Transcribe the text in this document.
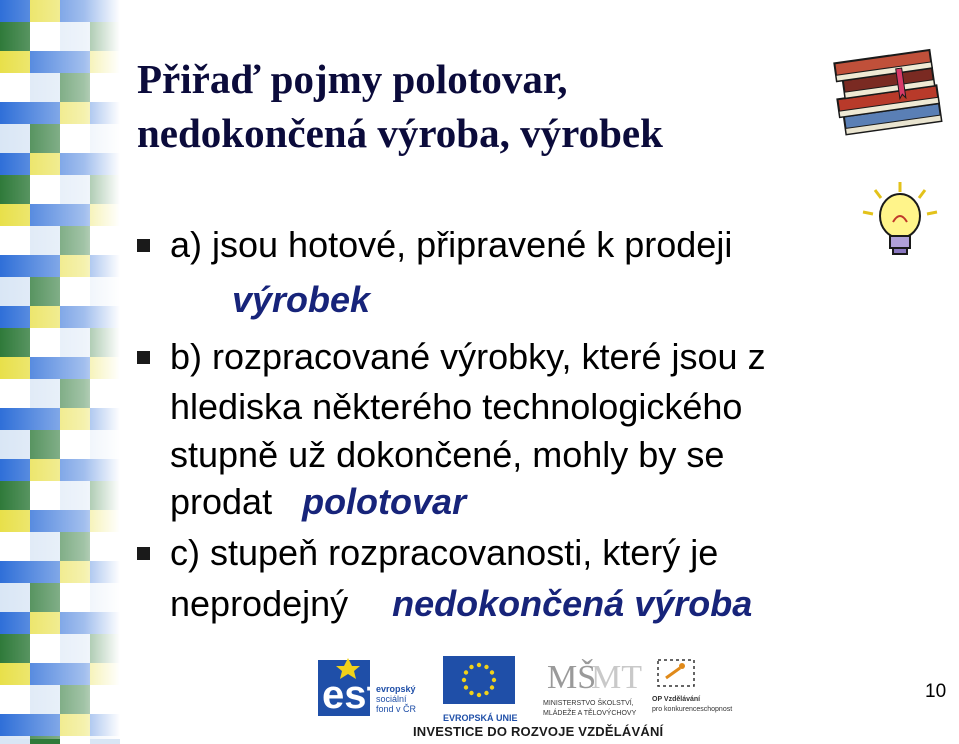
Přiřaď pojmy polotovar,
nedokončená výroba, výrobek
a) jsou hotové, připravené k prodeji
výrobek
b) rozpracované výrobky, které jsou z
hlediska některého technologického
stupně už dokončené, mohly by se
prodat polotovar
c) stupeň rozpracovanosti, který je
neprodejný nedokončená výroba
esf
evropský
sociální
fond v ČR
EVROPSKÁ UNIE
MŠ
MT
MINISTERSTVO ŠKOLSTVÍ,
MLÁDEŽE A TĚLOVÝCHOVY
OP Vzdělávání
pro konkurenceschopnost
INVESTICE DO ROZVOJE VZDĚLÁVÁNÍ
10
